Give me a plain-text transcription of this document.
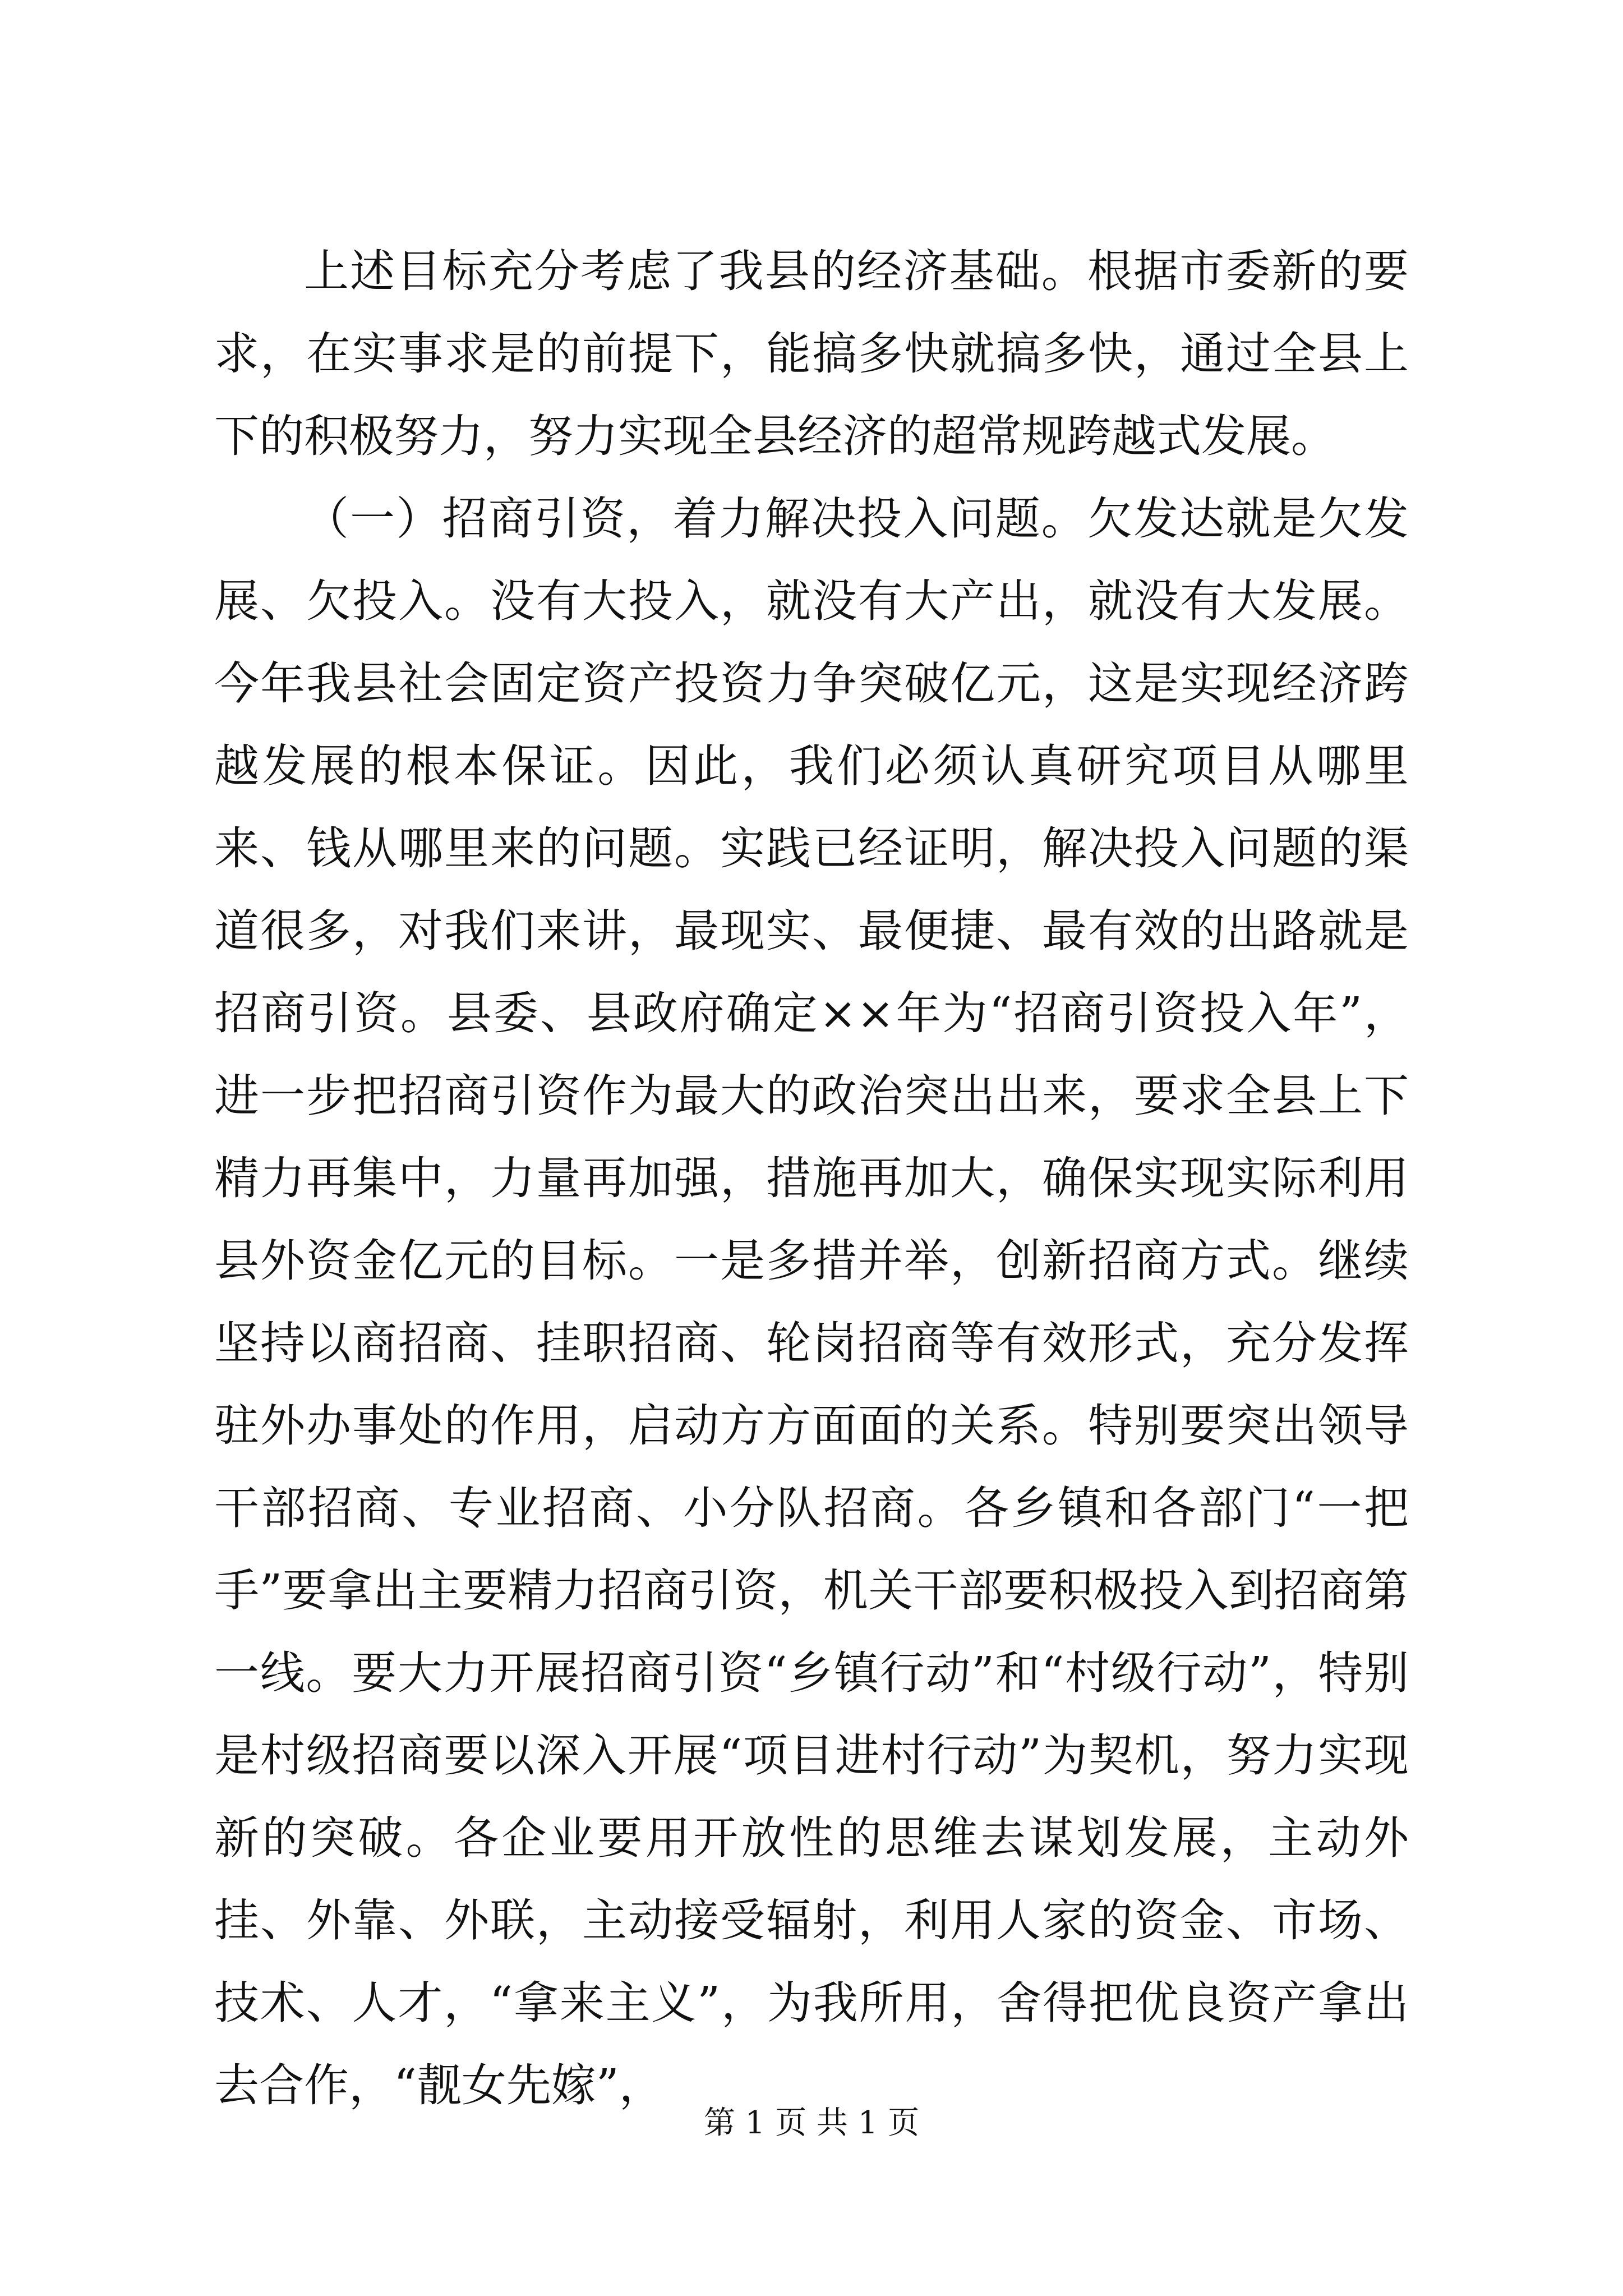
上述目标充分考虑了我县的经济基础。根据市委新的要求，在实事求是的前提下，能搞多快就搞多快，通过全县上下的积极努力，努力实现全县经济的超常规跨越式发展。

（一）招商引资，着力解决投入问题。欠发达就是欠发展、欠投入。没有大投入，就没有大产出，就没有大发展。今年我县社会固定资产投资力争突破亿元，这是实现经济跨越发展的根本保证。因此，我们必须认真研究项目从哪里来、钱从哪里来的问题。实践已经证明，解决投入问题的渠道很多，对我们来讲，最现实、最便捷、最有效的出路就是招商引资。县委、县政府确定××年为“招商引资投入年”，进一步把招商引资作为最大的政治突出出来，要求全县上下精力再集中，力量再加强，措施再加大，确保实现实际利用县外资金亿元的目标。一是多措并举，创新招商方式。继续坚持以商招商、挂职招商、轮岗招商等有效形式，充分发挥驻外办事处的作用，启动方方面面的关系。特别要突出领导干部招商、专业招商、小分队招商。各乡镇和各部门“一把手”要拿出主要精力招商引资，机关干部要积极投入到招商第一线。要大力开展招商引资“乡镇行动”和“村级行动”，特别是村级招商要以深入开展“项目进村行动”为契机，努力实现新的突破。各企业要用开放性的思维去谋划发展，主动外挂、外靠、外联，主动接受辐射，利用人家的资金、市场、技术、人才，“拿来主义”，为我所用，舍得把优良资产拿出去合作，“靓女先嫁”，

第 1 页 共 1 页
